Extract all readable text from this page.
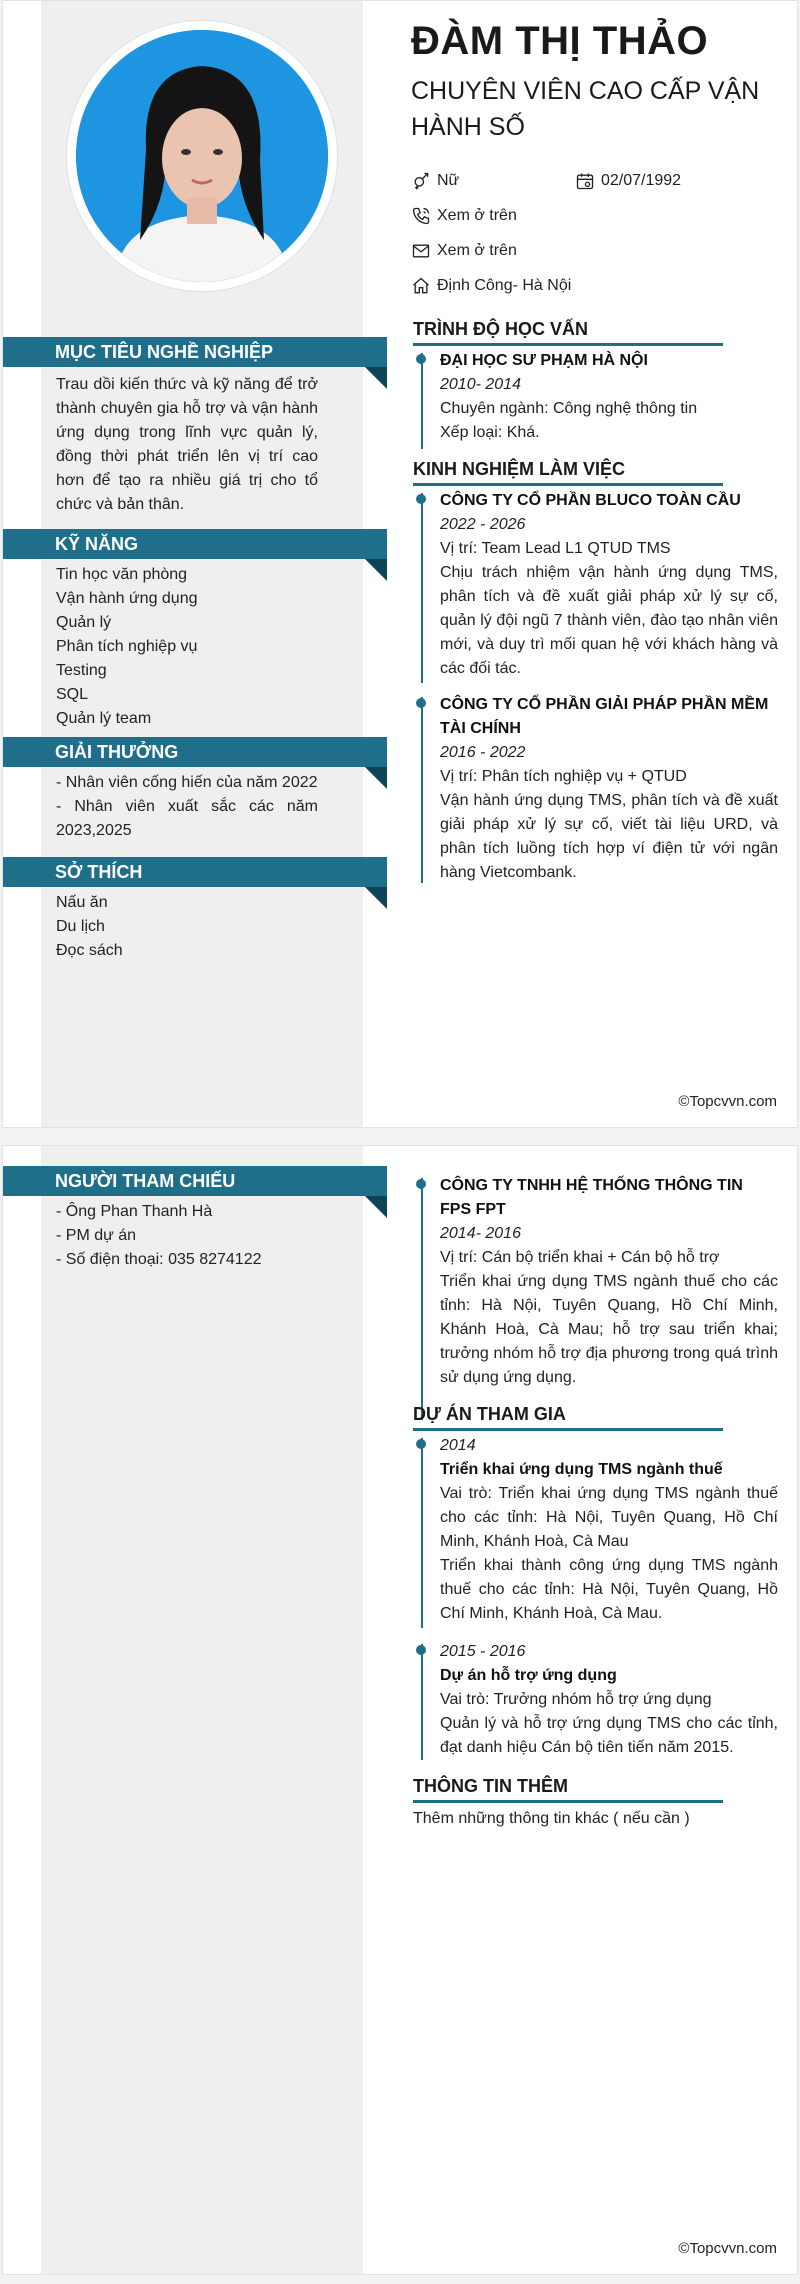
ĐÀM THỊ THẢO
CHUYÊN VIÊN CAO CẤP VẬN
HÀNH SỐ
Nữ	02/07/1992
Xem ở trên
Xem ở trên
Định Công- Hà Nội
MỤC TIÊU NGHỀ NGHIỆP
Trau dồi kiến thức và kỹ năng để trở thành chuyên gia hỗ trợ và vận hành ứng dụng trong lĩnh vực quản lý, đồng thời phát triển lên vị trí cao hơn để tạo ra nhiều giá trị cho tổ chức và bản thân.
KỸ NĂNG
Tin học văn phòng
Vận hành ứng dụng
Quản lý
Phân tích nghiệp vụ
Testing
SQL
Quản lý team
GIẢI THƯỞNG
- Nhân viên cống hiến của năm 2022
- Nhân viên xuất sắc các năm 2023,2025
SỞ THÍCH
Nấu ăn
Du lịch
Đọc sách
TRÌNH ĐỘ HỌC VẤN
ĐẠI HỌC SƯ PHẠM HÀ NỘI
2010- 2014
Chuyên ngành: Công nghệ thông tin
Xếp loại: Khá.
KINH NGHIỆM LÀM VIỆC
CÔNG TY CỔ PHẦN BLUCO TOÀN CẦU
2022 - 2026
Vị trí: Team Lead L1 QTUD TMS
Chịu trách nhiệm vận hành ứng dụng TMS, phân tích và đề xuất giải pháp xử lý sự cố, quản lý đội ngũ 7 thành viên, đào tạo nhân viên mới, và duy trì mối quan hệ với khách hàng và các đối tác.
CÔNG TY CỔ PHẦN GIẢI PHÁP PHẦN MỀM TÀI CHÍNH
2016 - 2022
Vị trí: Phân tích nghiệp vụ + QTUD
Vận hành ứng dụng TMS, phân tích và đề xuất giải pháp xử lý sự cố, viết tài liệu URD, và phân tích luồng tích hợp ví điện tử với ngân hàng Vietcombank.
©Topcvvn.com
NGƯỜI THAM CHIẾU
- Ông Phan Thanh Hà
- PM dự án
- Số điện thoại: 035 8274122
CÔNG TY TNHH HỆ THỐNG THÔNG TIN FPS FPT
2014- 2016
Vị trí: Cán bộ triển khai + Cán bộ hỗ trợ
Triển khai ứng dụng TMS ngành thuế cho các tỉnh: Hà Nội, Tuyên Quang, Hồ Chí Minh, Khánh Hoà, Cà Mau; hỗ trợ sau triển khai; trưởng nhóm hỗ trợ địa phương trong quá trình sử dụng ứng dụng.
DỰ ÁN THAM GIA
2014
Triển khai ứng dụng TMS ngành thuế
Vai trò: Triển khai ứng dụng TMS ngành thuế cho các tỉnh: Hà Nội, Tuyên Quang, Hồ Chí Minh, Khánh Hoà, Cà Mau
Triển khai thành công ứng dụng TMS ngành thuế cho các tỉnh: Hà Nội, Tuyên Quang, Hồ Chí Minh, Khánh Hoà, Cà Mau.
2015 - 2016
Dự án hỗ trợ ứng dụng
Vai trò: Trưởng nhóm hỗ trợ ứng dụng
Quản lý và hỗ trợ ứng dụng TMS cho các tỉnh, đạt danh hiệu Cán bộ tiên tiến năm 2015.
THÔNG TIN THÊM
Thêm những thông tin khác ( nếu cần )
©Topcvvn.com
